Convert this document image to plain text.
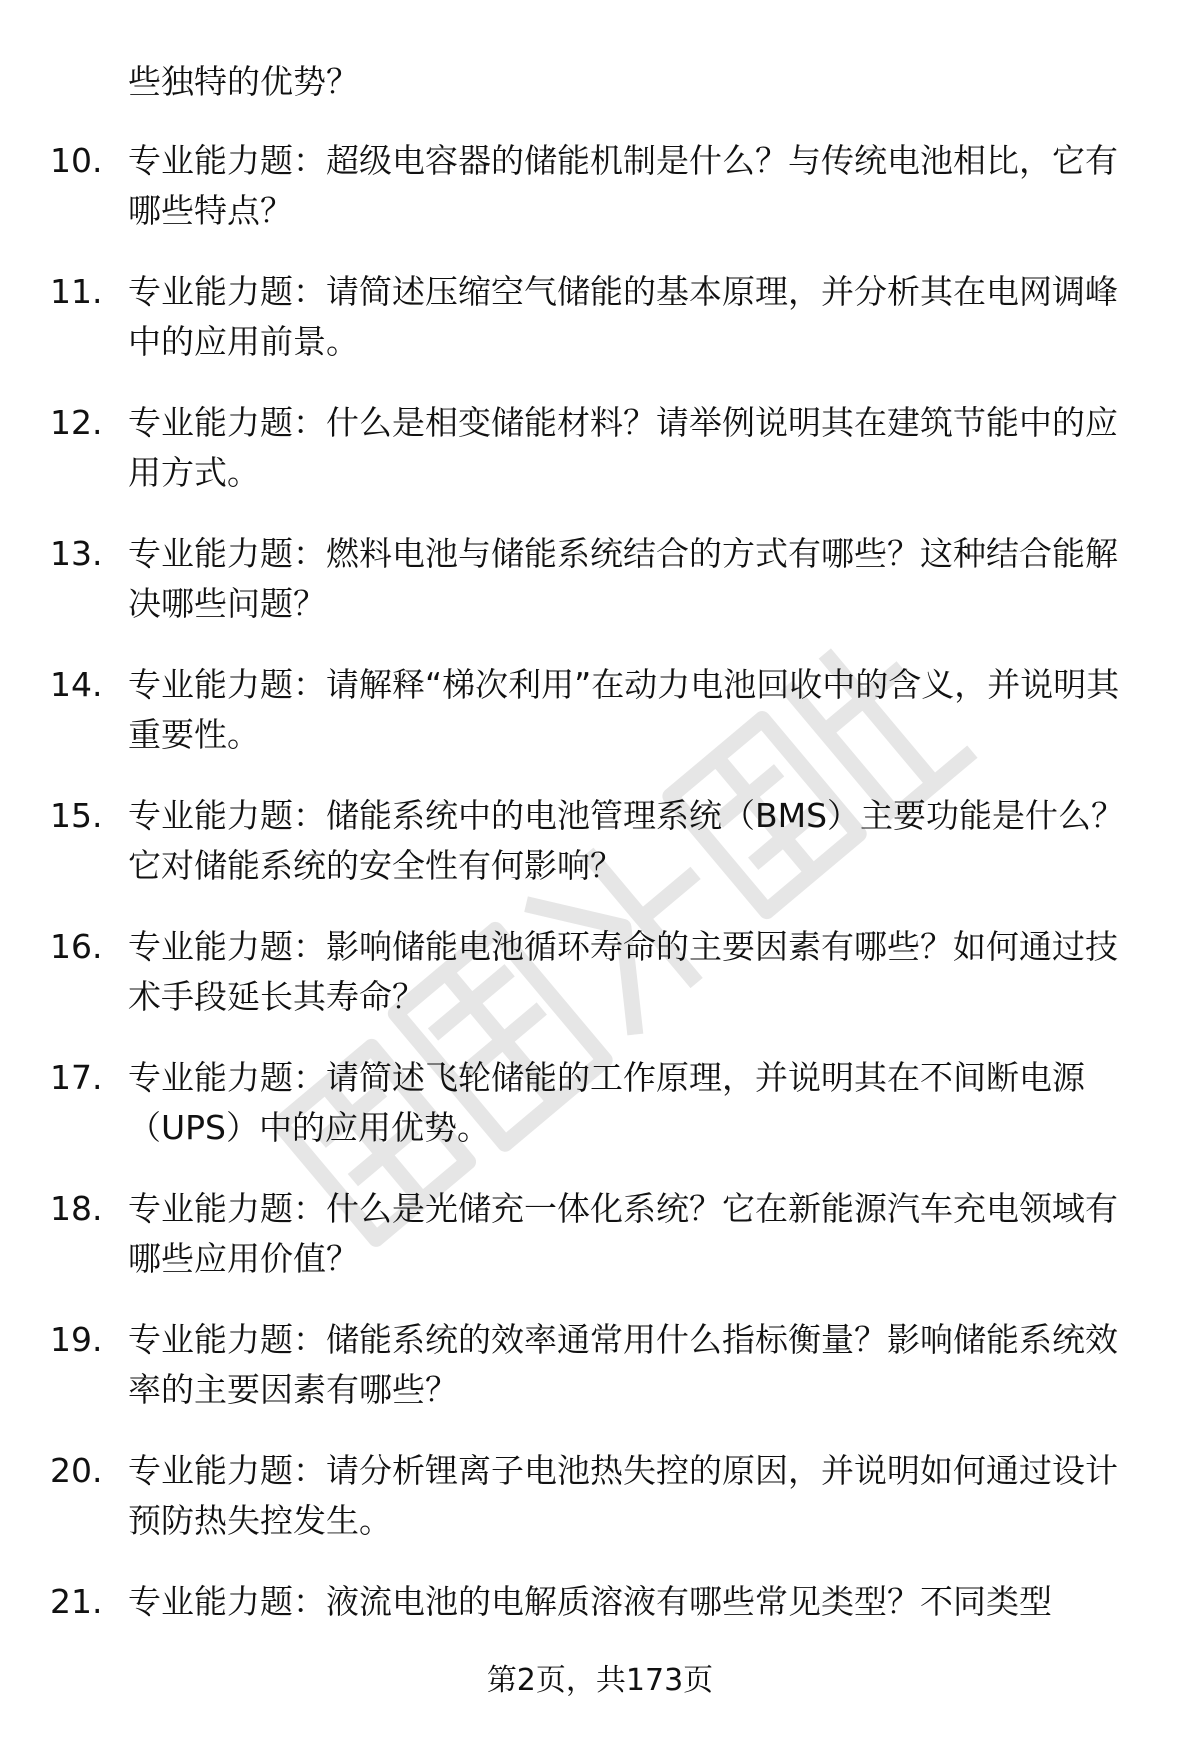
些独特的优势？

10. 专业能力题：超级电容器的储能机制是什么？与传统电池相比，它有哪些特点？
11. 专业能力题：请简述压缩空气储能的基本原理，并分析其在电网调峰中的应用前景。
12. 专业能力题：什么是相变储能材料？请举例说明其在建筑节能中的应用方式。
13. 专业能力题：燃料电池与储能系统结合的方式有哪些？这种结合能解决哪些问题？
14. 专业能力题：请解释“梯次利用”在动力电池回收中的含义，并说明其重要性。
15. 专业能力题：储能系统中的电池管理系统（BMS）主要功能是什么？它对储能系统的安全性有何影响？
16. 专业能力题：影响储能电池循环寿命的主要因素有哪些？如何通过技术手段延长其寿命？
17. 专业能力题：请简述飞轮储能的工作原理，并说明其在不间断电源（UPS）中的应用优势。
18. 专业能力题：什么是光储充一体化系统？它在新能源汽车充电领域有哪些应用价值？
19. 专业能力题：储能系统的效率通常用什么指标衡量？影响储能系统效率的主要因素有哪些？
20. 专业能力题：请分析锂离子电池热失控的原因，并说明如何通过设计预防热失控发生。
21. 专业能力题：液流电池的电解质溶液有哪些常见类型？不同类型
第2页，共173页
